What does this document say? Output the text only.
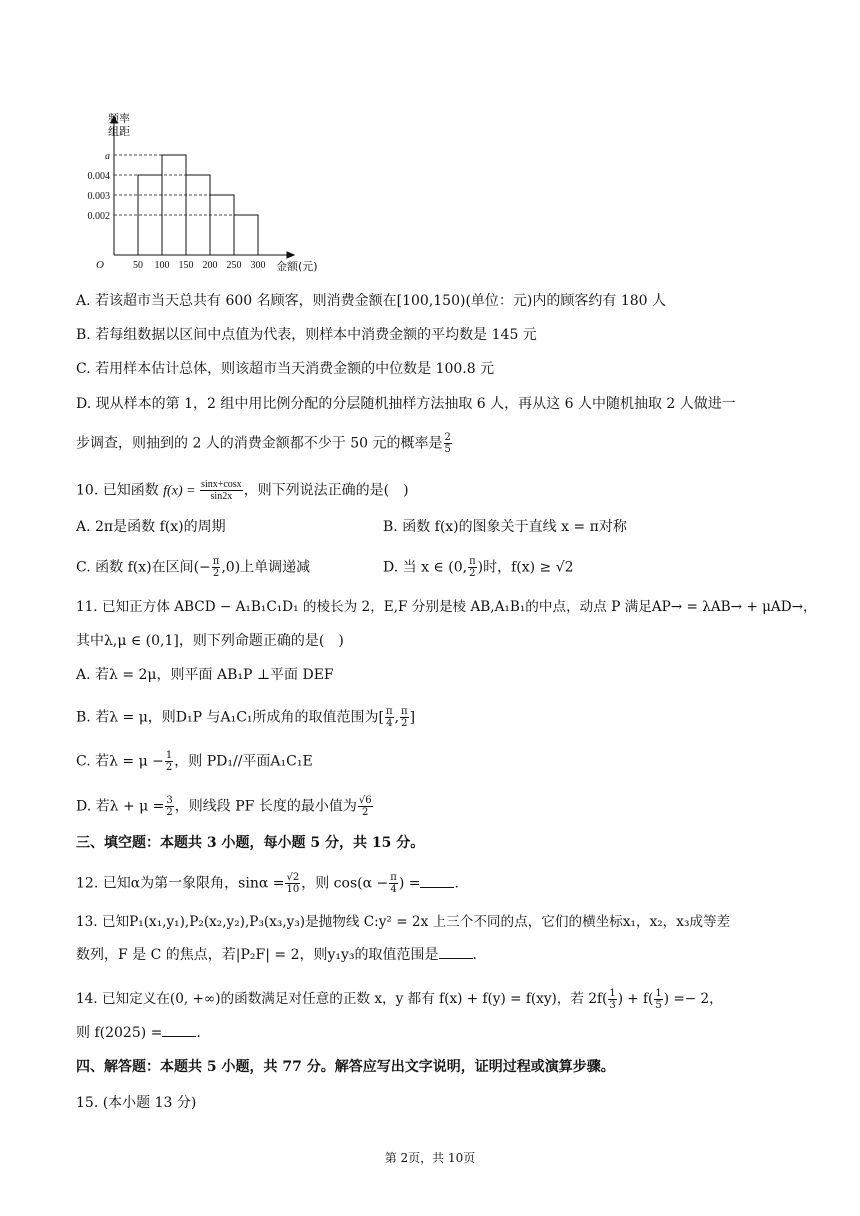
频率
组距
O	金额(元)
a
0.004
0.003
0.002
50 100 150 200 250 300
A. 若该超市当天总共有 600 名顾客，则消费金额在[100,150)(单位：元)内的顾客约有 180 人
B. 若每组数据以区间中点值为代表，则样本中消费金额的平均数是 145 元
C. 若用样本估计总体，则该超市当天消费金额的中位数是 100.8 元
D. 现从样本的第 1，2 组中用比例分配的分层随机抽样方法抽取 6 人，再从这 6 人中随机抽取 2 人做进一
步调查，则抽到的 2 人的消费金额都不少于 50 元的概率是 $\frac{2}{5}$
10. 已知函数 $f(x) = \frac{\sin x+\cos x}{\sin 2x}$ ，则下列说法正确的是(　)
A. 2π是函数 f(x)的周期	B. 函数 f(x)的图象关于直线 x = π对称
C. 函数 f(x)在区间(− $\frac{\pi}{2} ,0$)上单调递减	D. 当 x ∈ (0, $\frac{\pi}{2}$ )时，f(x) ≥ √2
11. 已知正方体 ABCD − A₁B₁C₁D₁ 的棱长为 2，E,F 分别是棱 AB,A₁B₁的中点，动点 P 满足AP→ = λAB→ + μAD→，
其中λ,μ ∈ (0,1]，则下列命题正确的是(　)
A. 若λ = 2μ，则平面 AB₁P ⊥平面 DEF
B. 若λ = μ，则D₁P 与A₁C₁所成角的取值范围为[ $\frac{\pi}{4}$ , $\frac{\pi}{2}$ ]
C. 若$\lambda = \mu - \frac{1}{2}$ ，则 PD₁//平面A₁C₁E
D. 若$\lambda + \mu = \frac{3}{2}$ ，则线段 PF 长度的最小值为 $\frac{√6}{2}$
三、填空题：本题共 3 小题，每小题 5 分，共 15 分。
12. 已知α为第一象限角，$\sin\alpha = \frac{√2}{10}$ ，则 $\cos(\alpha - \frac{\pi}{4}$ ) = .
13. 已知P₁(x₁,y₁),P₂(x₂,y₂),P₃(x₃,y₃)是抛物线 C:y² = 2x 上三个不同的点，它们的横坐标x₁，x₂，x₃成等差
数列，F 是 C 的焦点，若|P₂F| = 2，则y₁y₃的取值范围是 .
14. 已知定义在(0, +∞)的函数满足对任意的正数 x，y 都有 f(x) + f(y) = f(xy)，若 $2f( \frac{1}{3}$ ) + $f( \frac{1}{5}$ ) =− 2，
则 f(2025) = .
四、解答题：本题共 5 小题，共 77 分。解答应写出文字说明，证明过程或演算步骤。
15. (本小题 13 分)
第 2页，共 10页
